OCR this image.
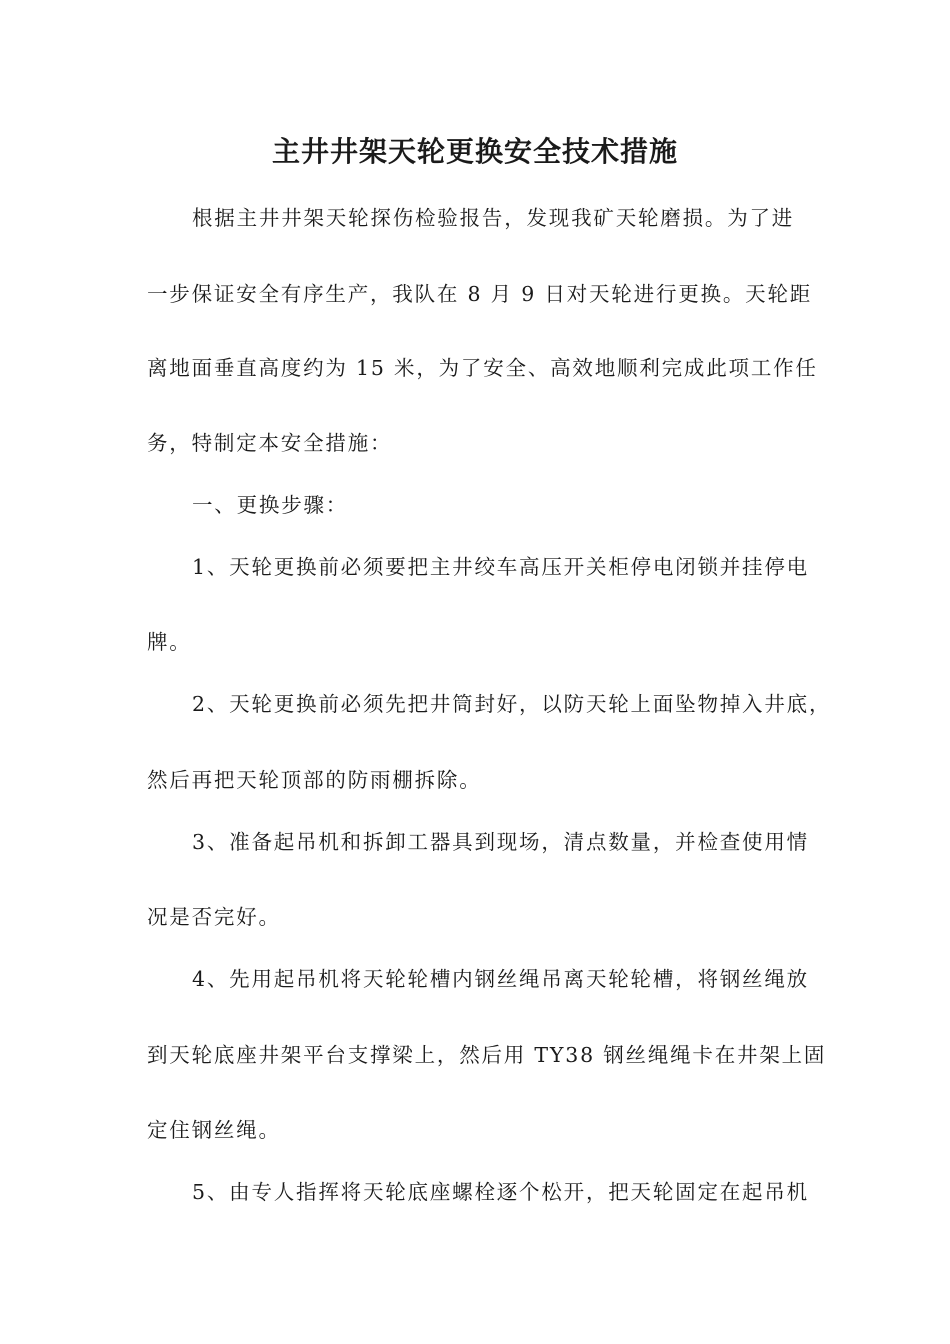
主井井架天轮更换安全技术措施
根据主井井架天轮探伤检验报告，发现我矿天轮磨损。为了进
一步保证安全有序生产，我队在 8 月 9 日对天轮进行更换。天轮距
离地面垂直高度约为 15 米，为了安全、高效地顺利完成此项工作任
务，特制定本安全措施：
一、更换步骤：
1、天轮更换前必须要把主井绞车高压开关柜停电闭锁并挂停电
牌。
2、天轮更换前必须先把井筒封好，以防天轮上面坠物掉入井底，
然后再把天轮顶部的防雨棚拆除。
3、准备起吊机和拆卸工器具到现场，清点数量，并检查使用情
况是否完好。
4、先用起吊机将天轮轮槽内钢丝绳吊离天轮轮槽，将钢丝绳放
到天轮底座井架平台支撑梁上，然后用 TY38 钢丝绳绳卡在井架上固
定住钢丝绳。
5、由专人指挥将天轮底座螺栓逐个松开，把天轮固定在起吊机
